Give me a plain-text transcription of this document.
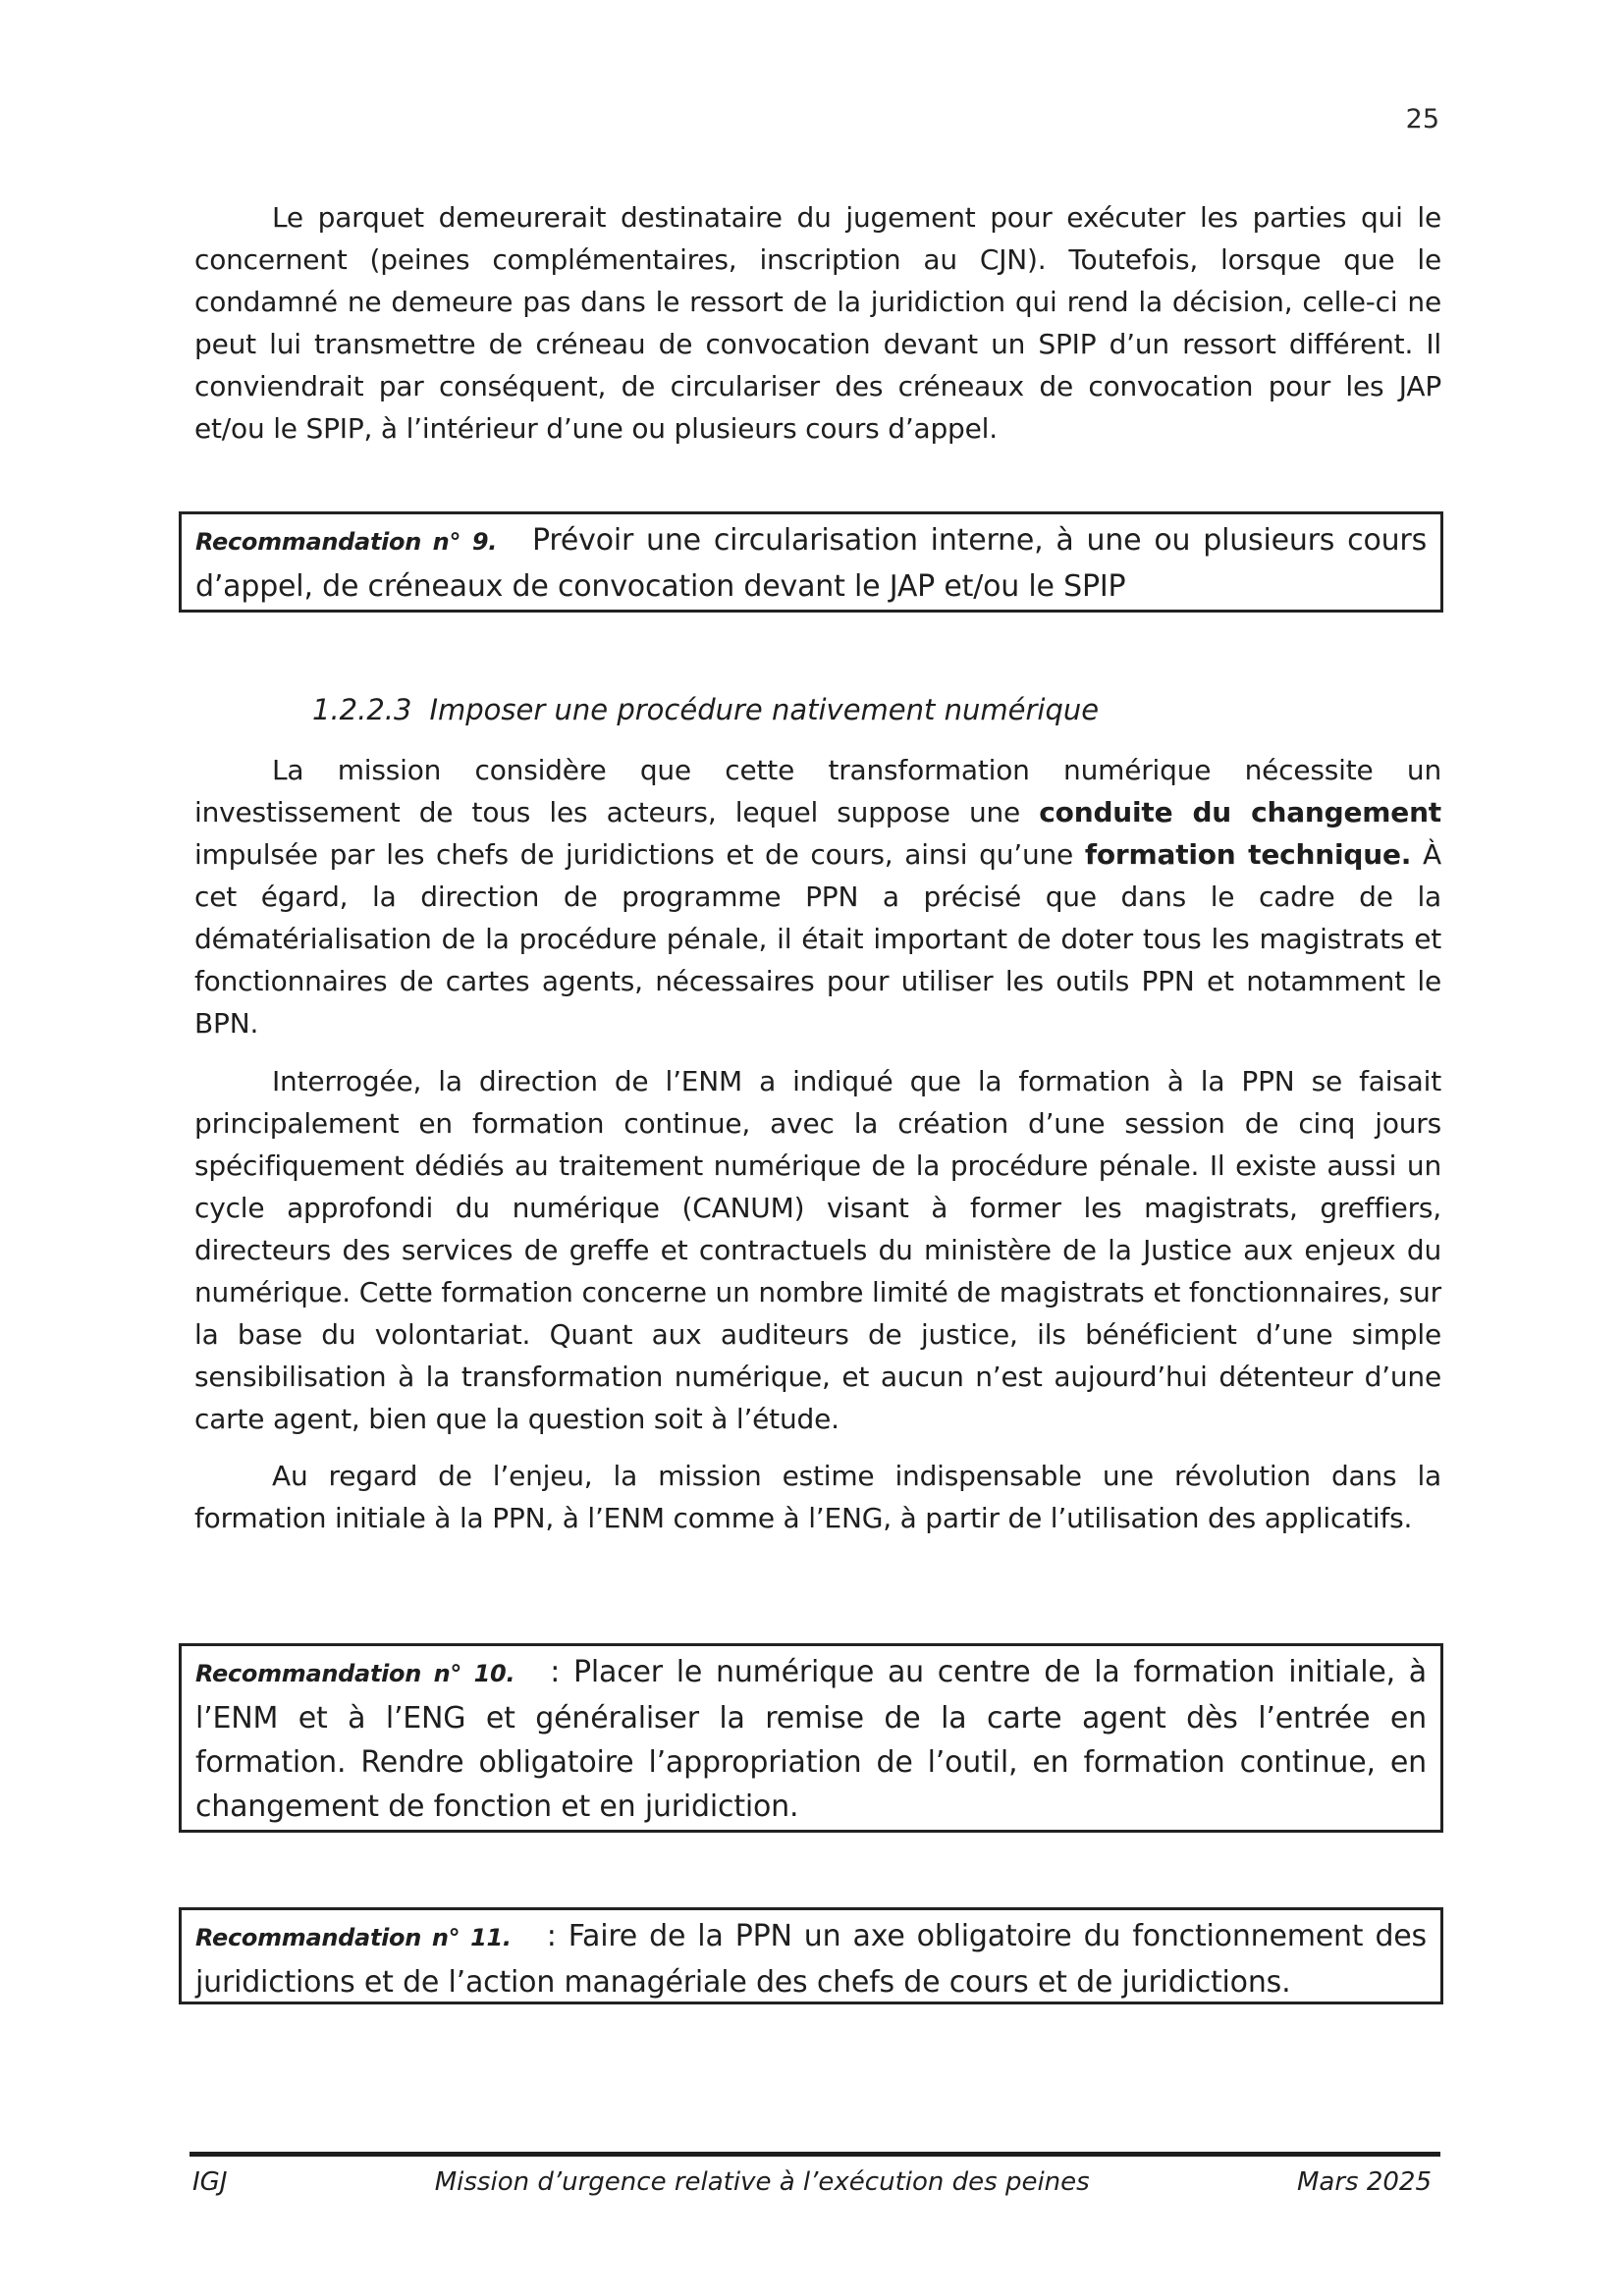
25

Le parquet demeurerait destinataire du jugement pour exécuter les parties qui le concernent (peines complémentaires, inscription au CJN). Toutefois, lorsque que le condamné ne demeure pas dans le ressort de la juridiction qui rend la décision, celle-ci ne peut lui transmettre de créneau de convocation devant un SPIP d’un ressort différent. Il conviendrait par conséquent, de circulariser des créneaux de convocation pour les JAP et/ou le SPIP, à l’intérieur d’une ou plusieurs cours d’appel.

Recommandation n° 9. Prévoir une circularisation interne, à une ou plusieurs cours d’appel, de créneaux de convocation devant le JAP et/ou le SPIP

1.2.2.3 Imposer une procédure nativement numérique

La mission considère que cette transformation numérique nécessite un investissement de tous les acteurs, lequel suppose une conduite du changement impulsée par les chefs de juridictions et de cours, ainsi qu’une formation technique. À cet égard, la direction de programme PPN a précisé que dans le cadre de la dématérialisation de la procédure pénale, il était important de doter tous les magistrats et fonctionnaires de cartes agents, nécessaires pour utiliser les outils PPN et notamment le BPN.

Interrogée, la direction de l’ENM a indiqué que la formation à la PPN se faisait principalement en formation continue, avec la création d’une session de cinq jours spécifiquement dédiés au traitement numérique de la procédure pénale. Il existe aussi un cycle approfondi du numérique (CANUM) visant à former les magistrats, greffiers, directeurs des services de greffe et contractuels du ministère de la Justice aux enjeux du numérique. Cette formation concerne un nombre limité de magistrats et fonctionnaires, sur la base du volontariat. Quant aux auditeurs de justice, ils bénéficient d’une simple sensibilisation à la transformation numérique, et aucun n’est aujourd’hui détenteur d’une carte agent, bien que la question soit à l’étude.

Au regard de l’enjeu, la mission estime indispensable une révolution dans la formation initiale à la PPN, à l’ENM comme à l’ENG, à partir de l’utilisation des applicatifs.

Recommandation n° 10. : Placer le numérique au centre de la formation initiale, à l’ENM et à l’ENG et généraliser la remise de la carte agent dès l’entrée en formation. Rendre obligatoire l’appropriation de l’outil, en formation continue, en changement de fonction et en juridiction.

Recommandation n° 11. : Faire de la PPN un axe obligatoire du fonctionnement des juridictions et de l’action managériale des chefs de cours et de juridictions.

IGJ	Mission d’urgence relative à l’exécution des peines	Mars 2025
